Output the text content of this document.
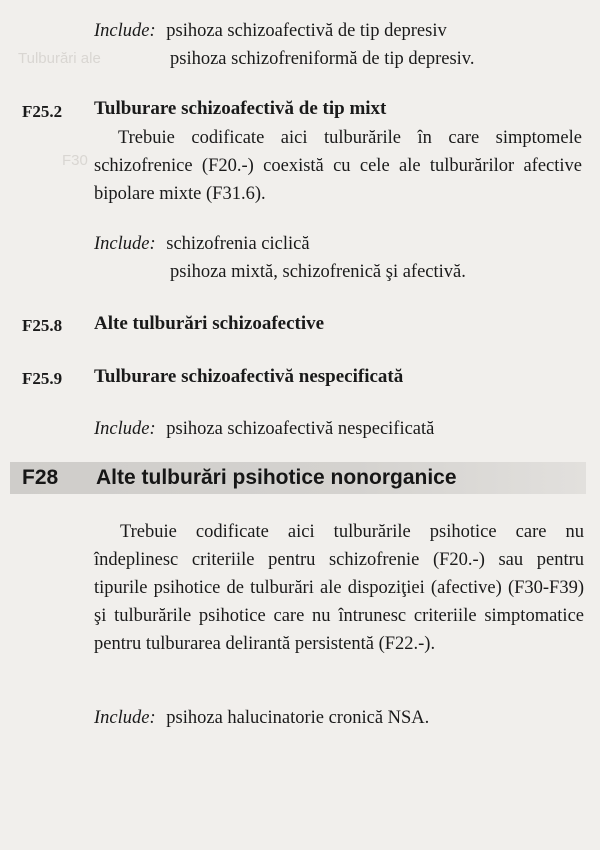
Tulburări ale
F30
Include: psihoza schizoafectivă de tip depresiv
psihoza schizofreniformă de tip depresiv.
F25.2 Tulburare schizoafectivă de tip mixt
Trebuie codificate aici tulburările în care simptomele schizofrenice (F20.-) coexistă cu cele ale tulburărilor afective bipolare mixte (F31.6).
Include: schizofrenia ciclică
psihoza mixtă, schizofrenică şi afectivă.
F25.8 Alte tulburări schizoafective
F25.9 Tulburare schizoafectivă nespecificată
Include: psihoza schizoafectivă nespecificată
F28 Alte tulburări psihotice nonorganice
Trebuie codificate aici tulburările psihotice care nu îndeplinesc criteriile pentru schizofrenie (F20.-) sau pentru tipurile psihotice de tulburări ale dispoziţiei (afective) (F30-F39) şi tulburările psihotice care nu întrunesc criteriile simptomatice pentru tulburarea delirantă persistentă (F22.-).
Include: psihoza halucinatorie cronică NSA.
